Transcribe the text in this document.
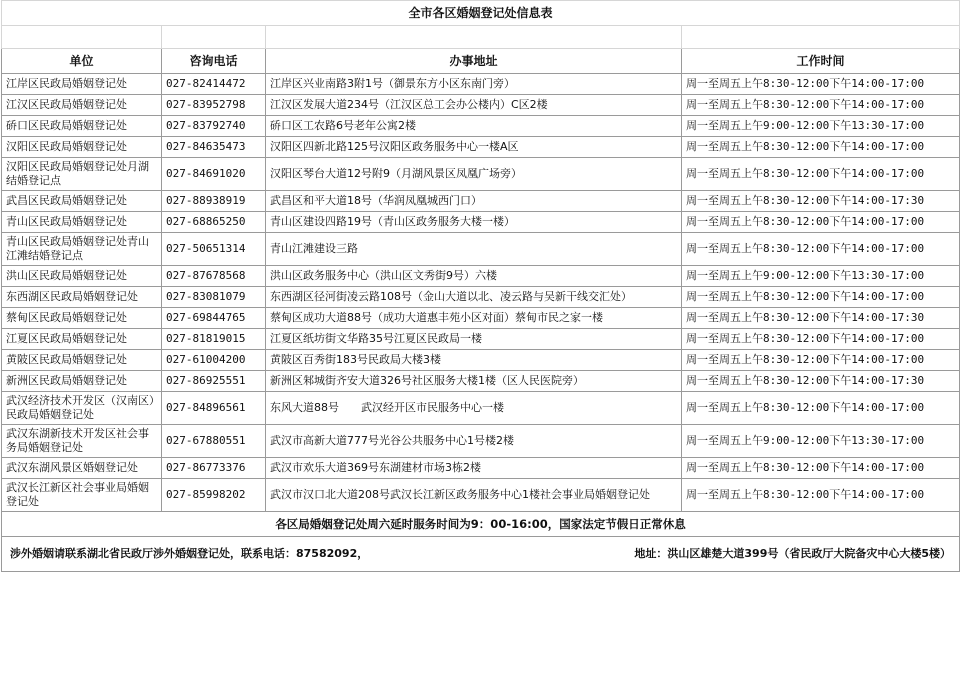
全市各区婚姻登记处信息表			

单位	咨询电话	办事地址	工作时间
江岸区民政局婚姻登记处	027-82414472	江岸区兴业南路3附1号（御景东方小区东南门旁）	周一至周五上午8:30-12:00下午14:00-17:00
江汉区民政局婚姻登记处	027-83952798	江汉区发展大道234号（江汉区总工会办公楼内）C区2楼	周一至周五上午8:30-12:00下午14:00-17:00
硚口区民政局婚姻登记处	027-83792740	硚口区工农路6号老年公寓2楼	周一至周五上午9:00-12:00下午13:30-17:00
汉阳区民政局婚姻登记处	027-84635473	汉阳区四新北路125号汉阳区政务服务中心一楼A区	周一至周五上午8:30-12:00下午14:00-17:00
汉阳区民政局婚姻登记处月湖结婚登记点	027-84691020	汉阳区琴台大道12号附9（月湖风景区凤凰广场旁）	周一至周五上午8:30-12:00下午14:00-17:00
武昌区民政局婚姻登记处	027-88938919	武昌区和平大道18号（华润凤凰城西门口）	周一至周五上午8:30-12:00下午14:00-17:30
青山区民政局婚姻登记处	027-68865250	青山区建设四路19号（青山区政务服务大楼一楼）	周一至周五上午8:30-12:00下午14:00-17:00
青山区民政局婚姻登记处青山江滩结婚登记点	027-50651314	青山江滩建设三路	周一至周五上午8:30-12:00下午14:00-17:00
洪山区民政局婚姻登记处	027-87678568	洪山区政务服务中心（洪山区文秀街9号）六楼	周一至周五上午9:00-12:00下午13:30-17:00
东西湖区民政局婚姻登记处	027-83081079	东西湖区径河街凌云路108号（金山大道以北、凌云路与吴新干线交汇处）	周一至周五上午8:30-12:00下午14:00-17:00
蔡甸区民政局婚姻登记处	027-69844765	蔡甸区成功大道88号（成功大道惠丰苑小区对面）蔡甸市民之家一楼	周一至周五上午8:30-12:00下午14:00-17:30
江夏区民政局婚姻登记处	027-81819015	江夏区纸坊街文华路35号江夏区民政局一楼	周一至周五上午8:30-12:00下午14:00-17:00
黄陂区民政局婚姻登记处	027-61004200	黄陂区百秀街183号民政局大楼3楼	周一至周五上午8:30-12:00下午14:00-17:00
新洲区民政局婚姻登记处	027-86925551	新洲区邾城街齐安大道326号社区服务大楼1楼（区人民医院旁）	周一至周五上午8:30-12:00下午14:00-17:30
武汉经济技术开发区（汉南区）民政局婚姻登记处	027-84896561	东风大道88号　　武汉经开区市民服务中心一楼	周一至周五上午8:30-12:00下午14:00-17:00
武汉东湖新技术开发区社会事务局婚姻登记处	027-67880551	武汉市高新大道777号光谷公共服务中心1号楼2楼	周一至周五上午9:00-12:00下午13:30-17:00
武汉东湖风景区婚姻登记处	027-86773376	武汉市欢乐大道369号东湖建材市场3栋2楼	周一至周五上午8:30-12:00下午14:00-17:00
武汉长江新区社会事业局婚姻登记处	027-85998202	武汉市汉口北大道208号武汉长江新区政务服务中心1楼社会事业局婚姻登记处	周一至周五上午8:30-12:00下午14:00-17:00
各区局婚姻登记处周六延时服务时间为9：00-16:00，国家法定节假日正常休息			

涉外婚姻请联系湖北省民政厅涉外婚姻登记处，联系电话：87582092， 地址：洪山区雄楚大道399号（省民政厅大院备灾中心大楼5楼）			
